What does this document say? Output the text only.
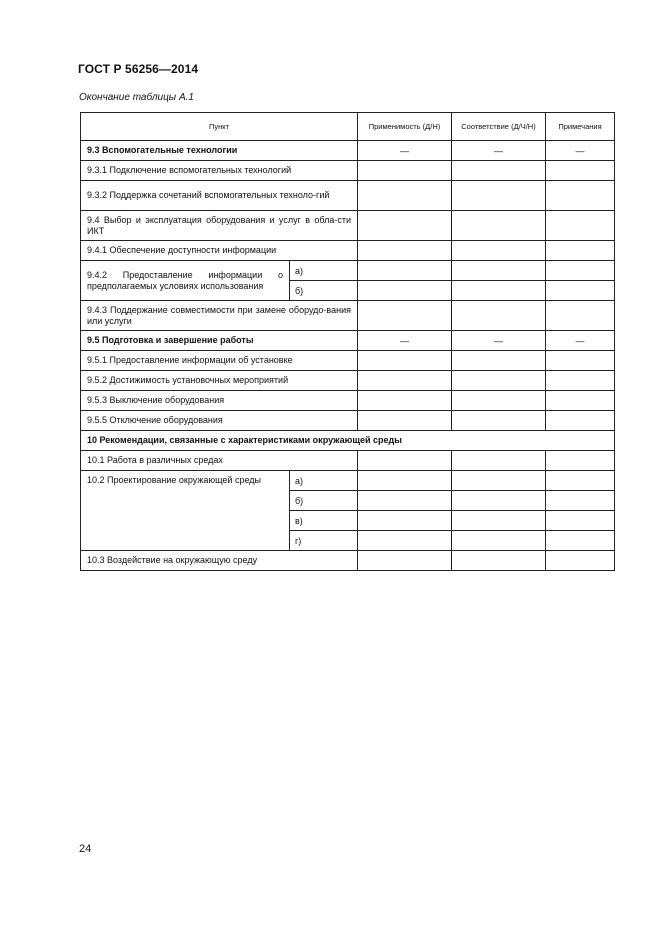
ГОСТ Р 56256—2014
Окончание таблицы А.1
Пункт		Применимость (Д/Н)	Соответствие (Д/Ч/Н)	Примечания
9.3 Вспомогательные технологии		—	—	—
9.3.1 Подключение вспомогательных технологий				
9.3.2 Поддержка сочетаний вспомогательных техноло-гий				
9.4 Выбор и эксплуатация оборудования и услуг в обла-сти ИКТ				
9.4.1 Обеспечение доступности информации				
9.4.2 Предоставление информации о предполагаемых условиях использования	а)			
	б)			
9.4.3 Поддержание совместимости при замене оборудо-вания или услуги				
9.5 Подготовка и завершение работы		—	—	—
9.5.1 Предоставление информации об установке				
9.5.2 Достижимость установочных мероприятий				
9.5.3 Выключение оборудования				
9.5.5 Отключение оборудования				
10 Рекомендации, связанные с характеристиками окружающей среды				
10.1 Работа в различных средах				
10.2 Проектирование окружающей среды	а)			
	б)			
	в)			
	г)			
10.3 Воздействие на окружающую среду				
24
